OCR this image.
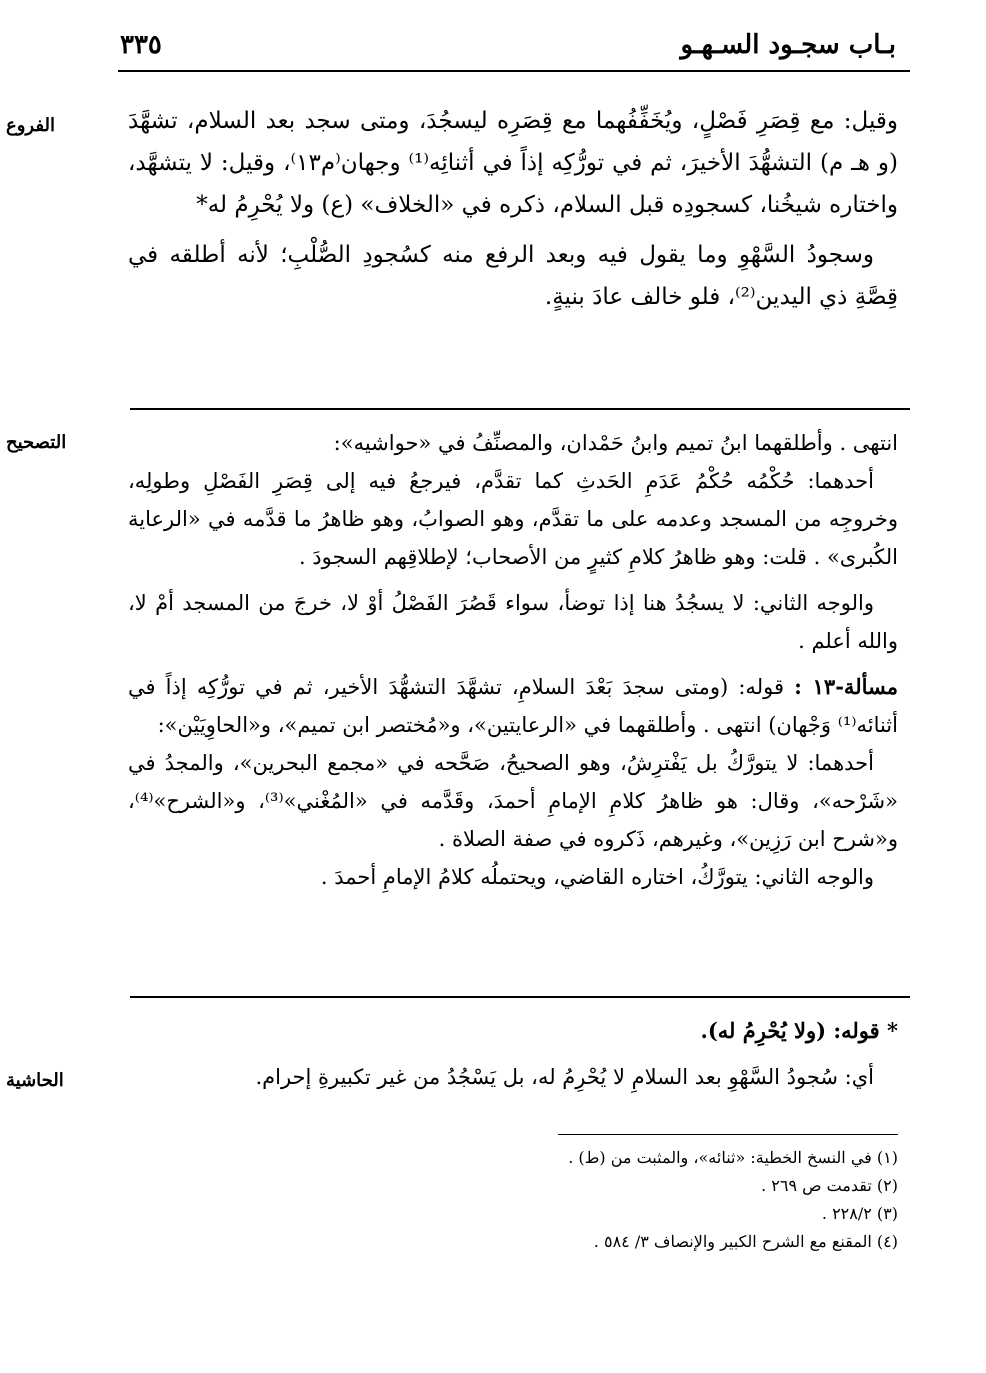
بـاب سجـود السـهـو
٣٣٥
الفروع	وقيل: مع قِصَرِ فَصْلٍ، ويُخَفِّفُهما مع قِصَرِه ليسجُدَ، ومتى سجد بعد السلام، تشهَّدَ (و هـ م) التشهُّدَ الأخيرَ، ثم في تورُّكِه إذاً في أثنائِه⁽¹⁾ وجهان⁽م١٣⁾، وقيل: لا يتشهَّد، واختاره شيخُنا، كسجودِه قبل السلام، ذكره في «الخلاف» (ع) ولا يُحْرِمُ له*

وسجودُ السَّهْوِ وما يقول فيه وبعد الرفع منه كسُجودِ الصُّلْبِ؛ لأنه أطلقه في قِصَّةِ ذي اليدين⁽²⁾، فلو خالف عادَ بنيةٍ.

التصحيح	انتهى . وأطلقهما ابنُ تميم وابنُ حَمْدان، والمصنِّفُ في «حواشيه»:

أحدهما: حُكْمُه حُكْمُ عَدَمِ الحَدثِ كما تقدَّم، فيرجعُ فيه إلى قِصَرِ الفَصْلِ وطولِه، وخروجِه من المسجد وعدمه على ما تقدَّم، وهو الصوابُ، وهو ظاهرُ ما قدَّمه في «الرعاية الكُبرى» . قلت: وهو ظاهرُ كلامِ كثيرٍ من الأصحاب؛ لإطلاقِهم السجودَ .

والوجه الثاني: لا يسجُدُ هنا إذا توضأ، سواء قَصُرَ الفَصْلُ أوْ لا، خرجَ من المسجد أمْ لا، والله أعلم .

مسألة-١٣ : قوله: (ومتى سجدَ بَعْدَ السلامِ، تشهَّدَ التشهُّدَ الأخير، ثم في تورُّكِه إذاً في أثنائه⁽¹⁾ وَجْهان) انتهى . وأطلقهما في «الرعايتين»، و«مُختصر ابن تميم»، و«الحاوِيَيْن»:

أحدهما: لا يتورَّكُ بل يَفْترِشُ، وهو الصحيحُ، صَحَّحه في «مجمع البحرين»، والمجدُ في «شَرْحه»، وقال: هو ظاهرُ كلامِ الإمامِ أحمدَ، وقَدَّمه في «المُغْني»⁽³⁾، و«الشرح»⁽⁴⁾، و«شرح ابن رَزِين»، وغيرهم، ذَكروه في صفة الصلاة .

والوجه الثاني: يتورَّكُ، اختاره القاضي، ويحتملُه كلامُ الإمامِ أحمدَ .

* قوله: (ولا يُحْرِمُ له).

أي: سُجودُ السَّهْوِ بعد السلامِ لا يُحْرِمُ له، بل يَسْجُدُ من غير تكبيرةِ إحرام.

الحاشية

(١) في النسخ الخطية: «ثنائه»، والمثبت من (ط) .

(٢) تقدمت ص ٢٦٩ .

(٣) ٢٢٨/٢ .

(٤) المقنع مع الشرح الكبير والإنصاف ٣/ ٥٨٤ .
